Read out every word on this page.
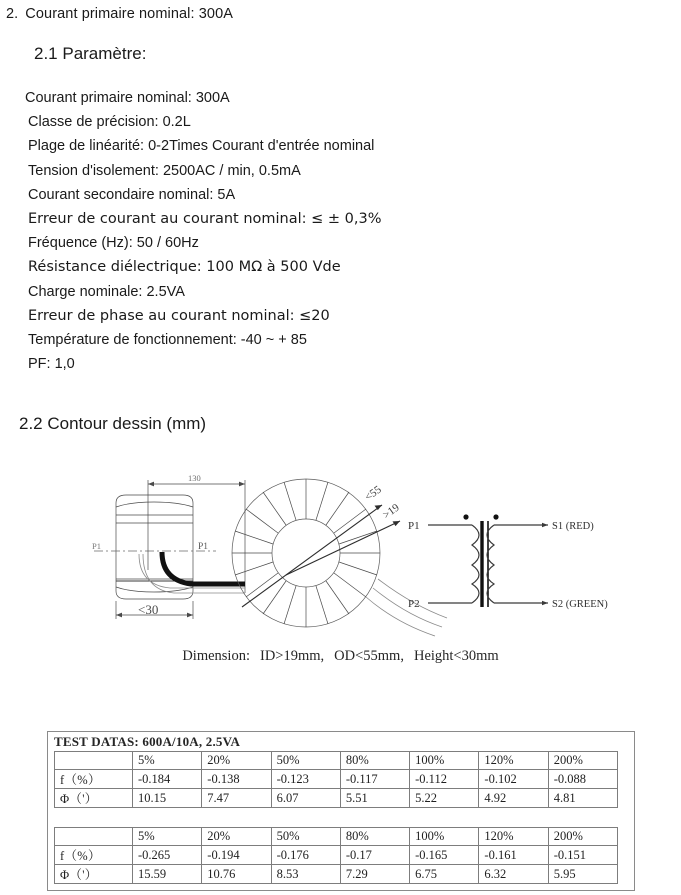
2. Courant primaire nominal: 300A
2.1 Paramètre:
Courant primaire nominal: 300A
Classe de précision: 0.2L
Plage de linéarité: 0-2Times Courant d'entrée nominal
Tension d'isolement: 2500AC / min, 0.5mA
Courant secondaire nominal: 5A
Erreur de courant au courant nominal: ≤ ± 0,3%
Fréquence (Hz): 50 / 60Hz
Résistance diélectrique: 100 MΩ à 500 Vde
Charge nominale: 2.5VA
Erreur de phase au courant nominal: ≤20
Température de fonctionnement: -40 ~ + 85
PF: 1,0
2.2 Contour dessin (mm)
<55
>19
P1
P2
S1 (RED)
S2 (GREEN)
130
<30
P1	P1
Dimension: ID>19mm, OD<55mm, Height<30mm
TEST DATAS: 600A/10A, 2.5VA
	5%	20%	50%	80%	100%	120%	200%
f（%）	-0.184	-0.138	-0.123	-0.117	-0.112	-0.102	-0.088
Φ（'）	10.15	7.47	6.07	5.51	5.22	4.92	4.81
	5%	20%	50%	80%	100%	120%	200%
f（%）	-0.265	-0.194	-0.176	-0.17	-0.165	-0.161	-0.151
Φ（'）	15.59	10.76	8.53	7.29	6.75	6.32	5.95
